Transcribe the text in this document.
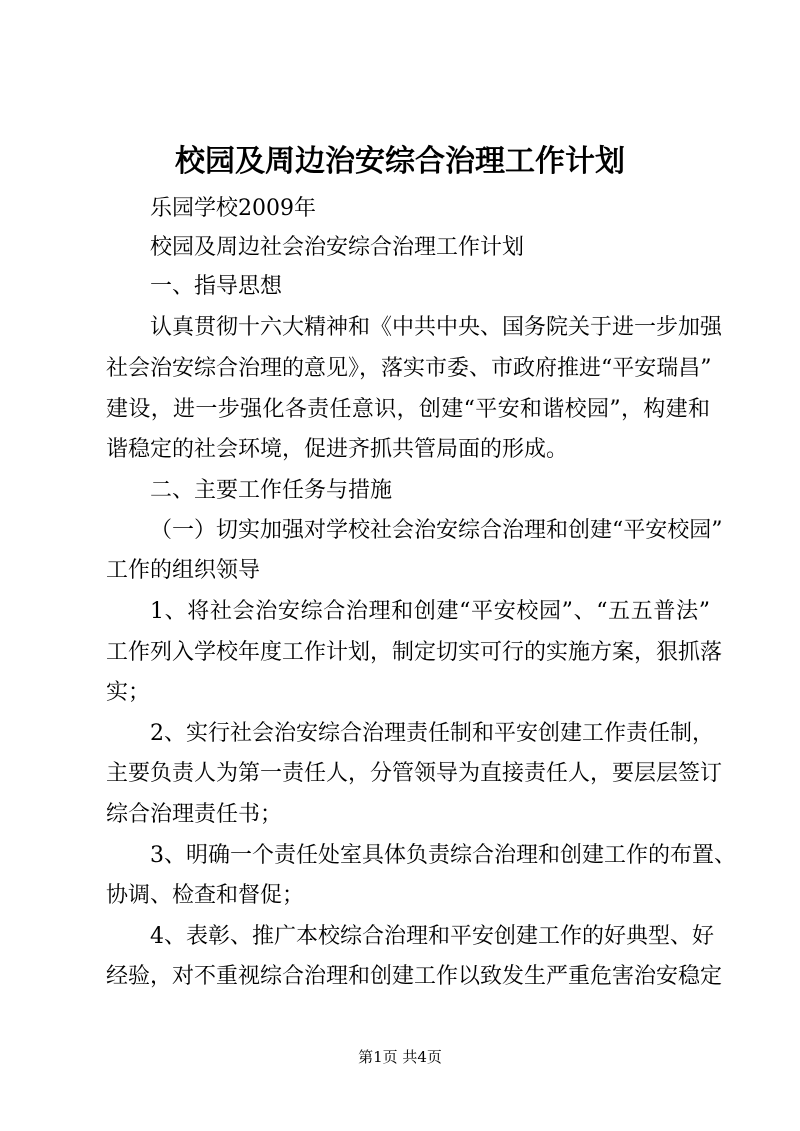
校园及周边治安综合治理工作计划
乐园学校2009年
校园及周边社会治安综合治理工作计划
一、指导思想
认真贯彻十六大精神和《中共中央、国务院关于进一步加强
社会治安综合治理的意见》，落实市委、市政府推进“平安瑞昌”
建设，进一步强化各责任意识，创建“平安和谐校园”，构建和
谐稳定的社会环境，促进齐抓共管局面的形成。
二、主要工作任务与措施
（一）切实加强对学校社会治安综合治理和创建“平安校园”
工作的组织领导
1、将社会治安综合治理和创建“平安校园”、“五五普法”
工作列入学校年度工作计划，制定切实可行的实施方案，狠抓落
实；
2、实行社会治安综合治理责任制和平安创建工作责任制，
主要负责人为第一责任人，分管领导为直接责任人，要层层签订
综合治理责任书；
3、明确一个责任处室具体负责综合治理和创建工作的布置、
协调、检查和督促；
4、表彰、推广本校综合治理和平安创建工作的好典型、好
经验，对不重视综合治理和创建工作以致发生严重危害治安稳定
第1页 共4页
